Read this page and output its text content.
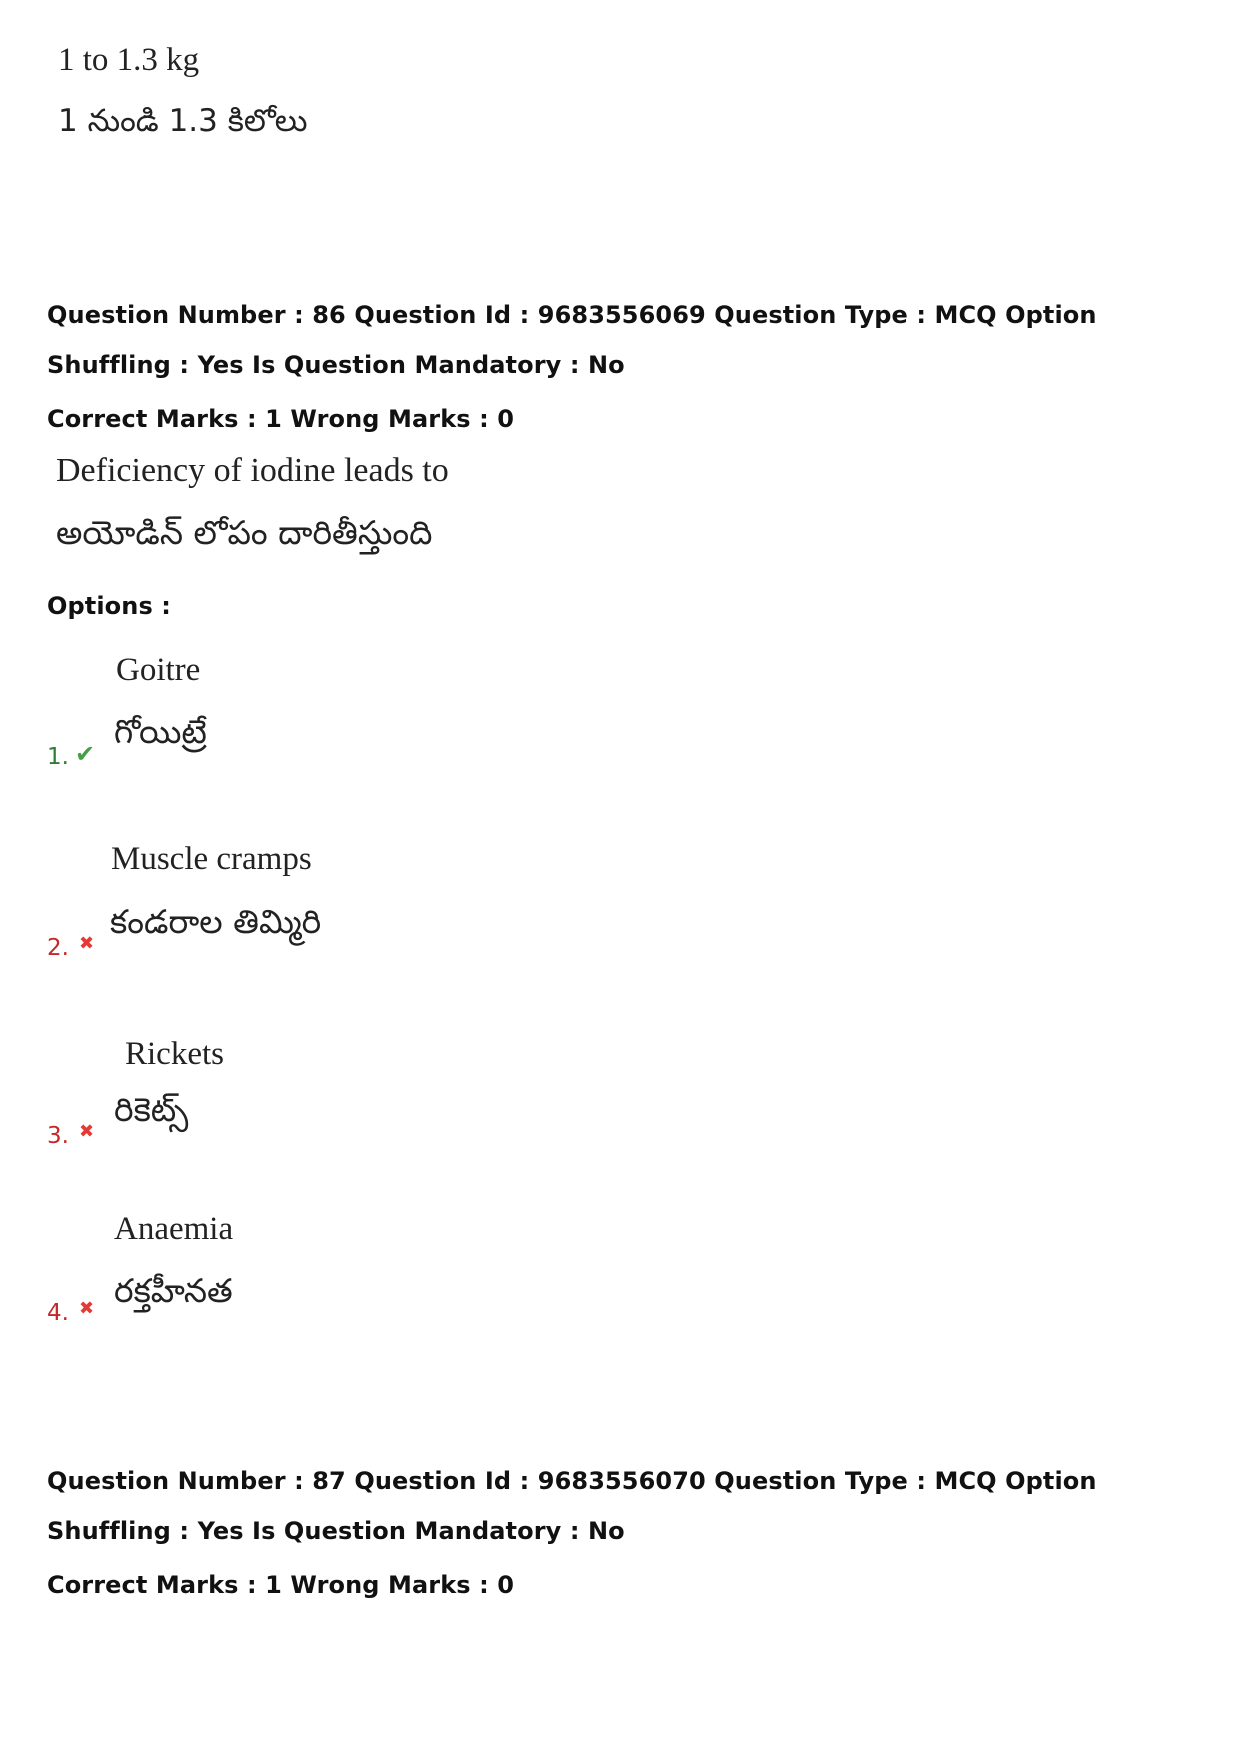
1 to 1.3 kg
1 నుండి 1.3 కిలోలు
Question Number : 86 Question Id : 9683556069 Question Type : MCQ Option Shuffling : Yes Is Question Mandatory : No
Correct Marks : 1 Wrong Marks : 0
Deficiency of iodine leads to
అయోడిన్ లోపం దారితీస్తుంది
Options :
1. ✔
Goitre
గోయిట్రే
2. ✖
Muscle cramps
కండరాల తిమ్మిరి
3. ✖
Rickets
రికెట్స్
4. ✖
Anaemia
రక్తహీనత
Question Number : 87 Question Id : 9683556070 Question Type : MCQ Option Shuffling : Yes Is Question Mandatory : No
Correct Marks : 1 Wrong Marks : 0
